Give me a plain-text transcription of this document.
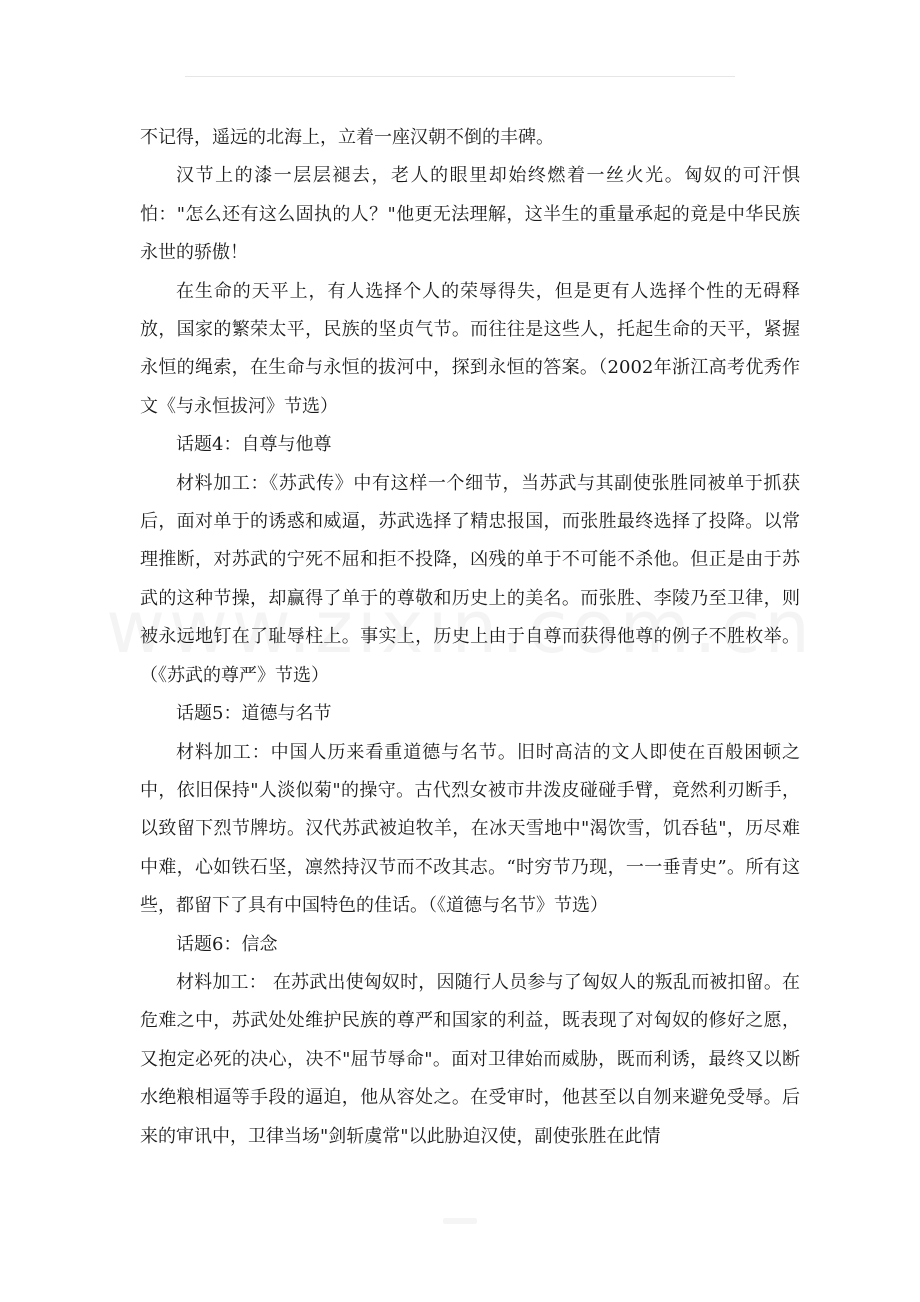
不记得，遥远的北海上，立着一座汉朝不倒的丰碑。

汉节上的漆一层层褪去，老人的眼里却始终燃着一丝火光。匈奴的可汗惧怕："怎么还有这么固执的人？"他更无法理解，这半生的重量承起的竟是中华民族永世的骄傲！

在生命的天平上，有人选择个人的荣辱得失，但是更有人选择个性的无碍释放，国家的繁荣太平，民族的坚贞气节。而往往是这些人，托起生命的天平，紧握永恒的绳索，在生命与永恒的拔河中，探到永恒的答案。（2002年浙江高考优秀作文《与永恒拔河》节选）

话题4：自尊与他尊

材料加工：《苏武传》中有这样一个细节，当苏武与其副使张胜同被单于抓获后，面对单于的诱惑和威逼，苏武选择了精忠报国，而张胜最终选择了投降。以常理推断，对苏武的宁死不屈和拒不投降，凶残的单于不可能不杀他。但正是由于苏武的这种节操，却赢得了单于的尊敬和历史上的美名。而张胜、李陵乃至卫律，则被永远地钉在了耻辱柱上。事实上，历史上由于自尊而获得他尊的例子不胜枚举。（《苏武的尊严》节选）

话题5：道德与名节

材料加工：中国人历来看重道德与名节。旧时高洁的文人即使在百般困顿之中，依旧保持"人淡似菊"的操守。古代烈女被市井泼皮碰碰手臂，竟然利刃断手，以致留下烈节牌坊。汉代苏武被迫牧羊，在冰天雪地中"渴饮雪，饥吞毡"，历尽难中难，心如铁石坚，凛然持汉节而不改其志。“时穷节乃现，一一垂青史”。所有这些，都留下了具有中国特色的佳话。（《道德与名节》节选）

话题6：信念

材料加工： 在苏武出使匈奴时，因随行人员参与了匈奴人的叛乱而被扣留。在危难之中，苏武处处维护民族的尊严和国家的利益，既表现了对匈奴的修好之愿，又抱定必死的决心，决不"屈节辱命"。面对卫律始而威胁，既而利诱，最终又以断水绝粮相逼等手段的逼迫，他从容处之。在受审时，他甚至以自刎来避免受辱。后来的审讯中，卫律当场"剑斩虞常"以此胁迫汉使，副使张胜在此情
